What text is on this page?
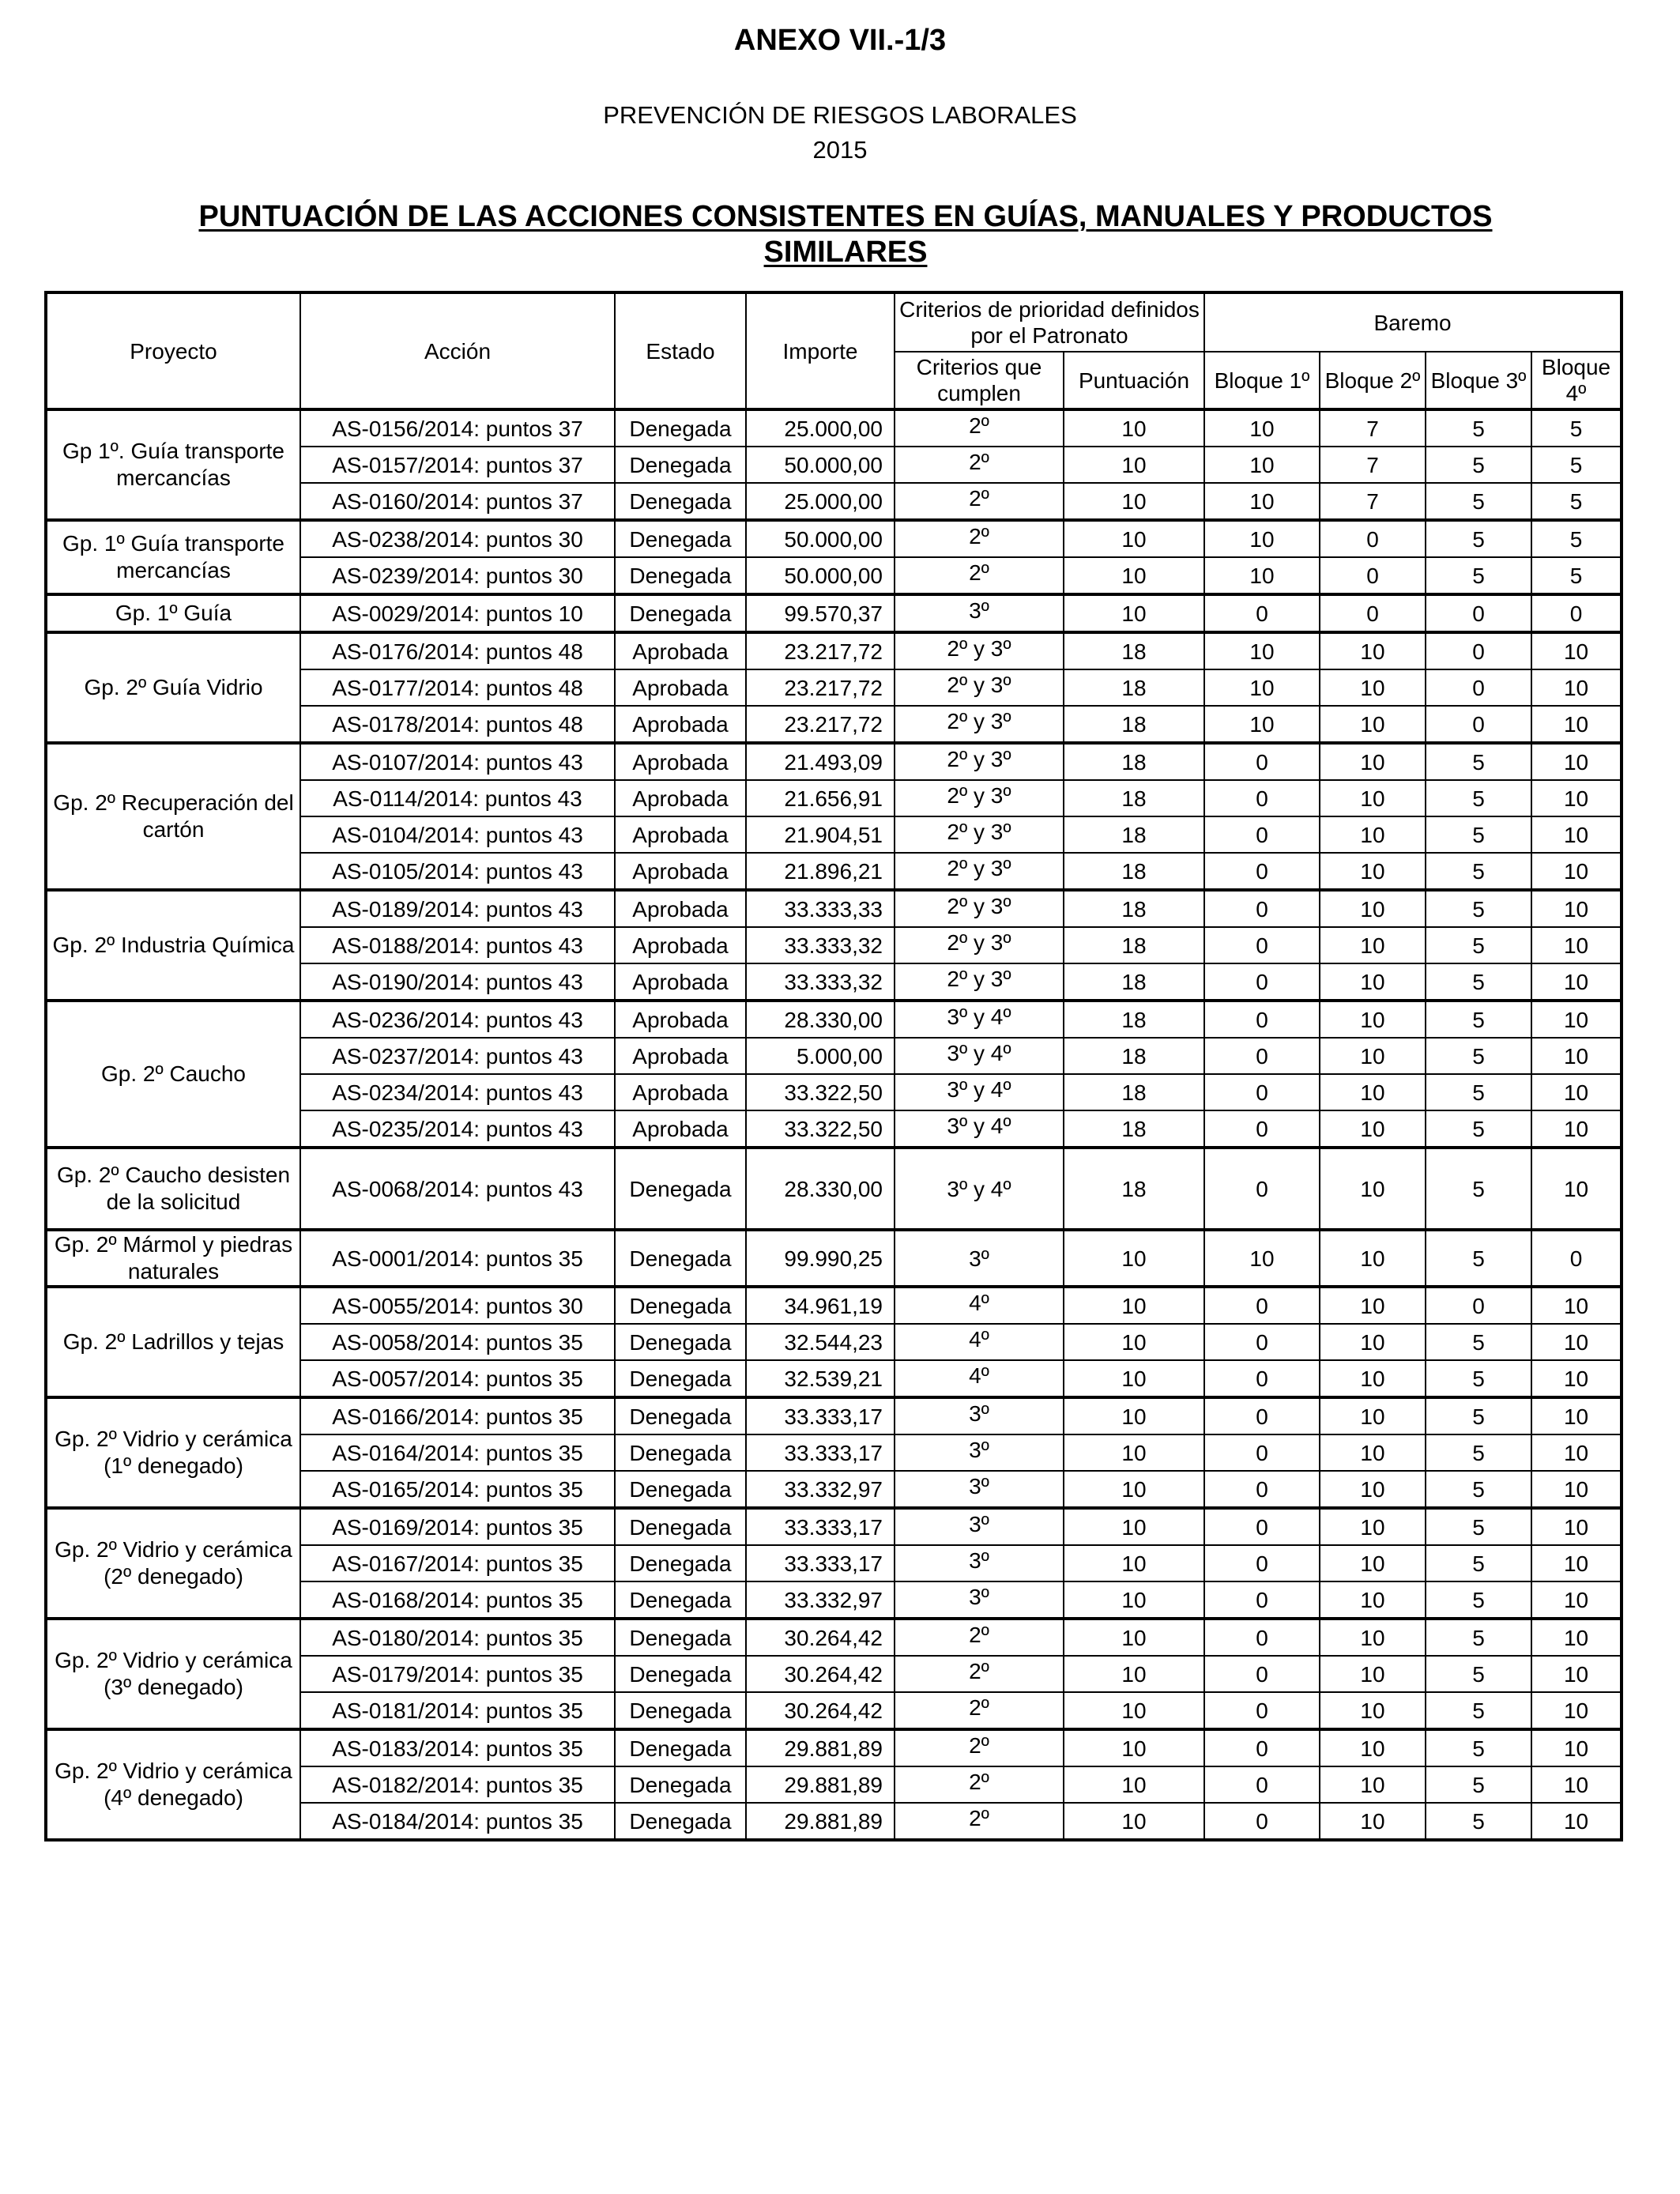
ANEXO VII.-1/3
PREVENCIÓN DE RIESGOS LABORALES
2015
PUNTUACIÓN DE LAS ACCIONES CONSISTENTES EN GUÍAS, MANUALES Y PRODUCTOS SIMILARES
Proyecto	Acción	Estado	Importe	Criterios de prioridad definidos por el Patronato		Baremo			
				Criterios que cumplen	Puntuación	Bloque 1º	Bloque 2º	Bloque 3º	Bloque 4º
Gp 1º. Guía transporte mercancías	AS-0156/2014: puntos 37	Denegada	25.000,00	2º	10	10	7	5	5
	AS-0157/2014: puntos 37	Denegada	50.000,00	2º	10	10	7	5	5
	AS-0160/2014: puntos 37	Denegada	25.000,00	2º	10	10	7	5	5
Gp. 1º Guía transporte mercancías	AS-0238/2014: puntos 30	Denegada	50.000,00	2º	10	10	0	5	5
	AS-0239/2014: puntos 30	Denegada	50.000,00	2º	10	10	0	5	5
Gp. 1º Guía	AS-0029/2014: puntos 10	Denegada	99.570,37	3º	10	0	0	0	0
Gp. 2º Guía Vidrio	AS-0176/2014: puntos 48	Aprobada	23.217,72	2º y 3º	18	10	10	0	10
	AS-0177/2014: puntos 48	Aprobada	23.217,72	2º y 3º	18	10	10	0	10
	AS-0178/2014: puntos 48	Aprobada	23.217,72	2º y 3º	18	10	10	0	10
Gp. 2º Recuperación del cartón	AS-0107/2014: puntos 43	Aprobada	21.493,09	2º y 3º	18	0	10	5	10
	AS-0114/2014: puntos 43	Aprobada	21.656,91	2º y 3º	18	0	10	5	10
	AS-0104/2014: puntos 43	Aprobada	21.904,51	2º y 3º	18	0	10	5	10
	AS-0105/2014: puntos 43	Aprobada	21.896,21	2º y 3º	18	0	10	5	10
Gp. 2º Industria Química	AS-0189/2014: puntos 43	Aprobada	33.333,33	2º y 3º	18	0	10	5	10
	AS-0188/2014: puntos 43	Aprobada	33.333,32	2º y 3º	18	0	10	5	10
	AS-0190/2014: puntos 43	Aprobada	33.333,32	2º y 3º	18	0	10	5	10
Gp. 2º Caucho	AS-0236/2014: puntos 43	Aprobada	28.330,00	3º y 4º	18	0	10	5	10
	AS-0237/2014: puntos 43	Aprobada	5.000,00	3º y 4º	18	0	10	5	10
	AS-0234/2014: puntos 43	Aprobada	33.322,50	3º y 4º	18	0	10	5	10
	AS-0235/2014: puntos 43	Aprobada	33.322,50	3º y 4º	18	0	10	5	10
Gp. 2º Caucho desisten de la solicitud	AS-0068/2014: puntos 43	Denegada	28.330,00	3º y 4º	18	0	10	5	10
Gp. 2º Mármol y piedras naturales	AS-0001/2014: puntos 35	Denegada	99.990,25	3º	10	10	10	5	0
Gp. 2º Ladrillos y tejas	AS-0055/2014: puntos 30	Denegada	34.961,19	4º	10	0	10	0	10
	AS-0058/2014: puntos 35	Denegada	32.544,23	4º	10	0	10	5	10
	AS-0057/2014: puntos 35	Denegada	32.539,21	4º	10	0	10	5	10
Gp. 2º Vidrio y cerámica (1º denegado)	AS-0166/2014: puntos 35	Denegada	33.333,17	3º	10	0	10	5	10
	AS-0164/2014: puntos 35	Denegada	33.333,17	3º	10	0	10	5	10
	AS-0165/2014: puntos 35	Denegada	33.332,97	3º	10	0	10	5	10
Gp. 2º Vidrio y cerámica (2º denegado)	AS-0169/2014: puntos 35	Denegada	33.333,17	3º	10	0	10	5	10
	AS-0167/2014: puntos 35	Denegada	33.333,17	3º	10	0	10	5	10
	AS-0168/2014: puntos 35	Denegada	33.332,97	3º	10	0	10	5	10
Gp. 2º Vidrio y cerámica (3º denegado)	AS-0180/2014: puntos 35	Denegada	30.264,42	2º	10	0	10	5	10
	AS-0179/2014: puntos 35	Denegada	30.264,42	2º	10	0	10	5	10
	AS-0181/2014: puntos 35	Denegada	30.264,42	2º	10	0	10	5	10
Gp. 2º Vidrio y cerámica (4º denegado)	AS-0183/2014: puntos 35	Denegada	29.881,89	2º	10	0	10	5	10
	AS-0182/2014: puntos 35	Denegada	29.881,89	2º	10	0	10	5	10
	AS-0184/2014: puntos 35	Denegada	29.881,89	2º	10	0	10	5	10
